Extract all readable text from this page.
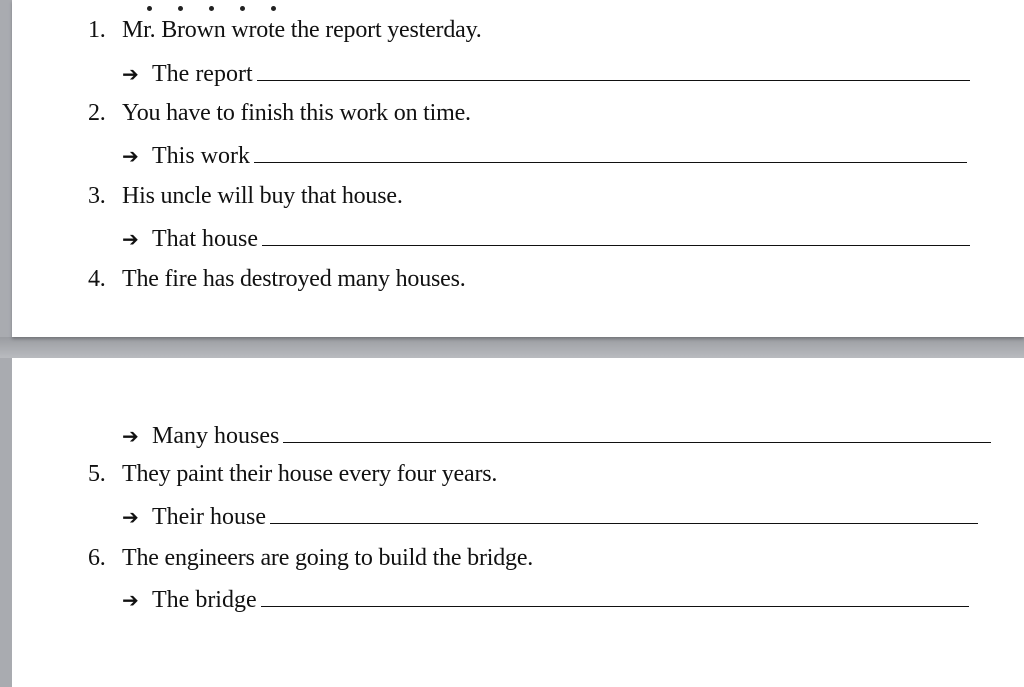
1. Mr. Brown wrote the report yesterday.
➔ The report
2. You have to finish this work on time.
➔ This work
3. His uncle will buy that house.
➔ That house
4. The fire has destroyed many houses.
➔ Many houses
5. They paint their house every four years.
➔ Their house
6. The engineers are going to build the bridge.
➔ The bridge
